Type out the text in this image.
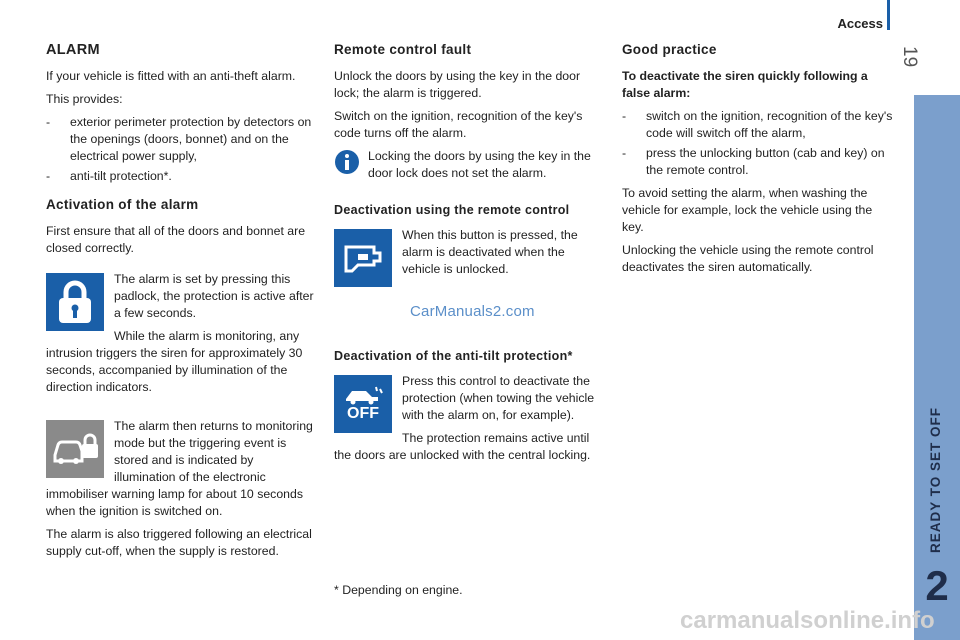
Access
19
READY TO SET OFF
2
ALARM

If your vehicle is fitted with an anti-theft alarm.

This provides:

- exterior perimeter protection by detectors on the openings (doors, bonnet) and on the electrical power supply,
- anti-tilt protection*.
Activation of the alarm

First ensure that all of the doors and bonnet are closed correctly.

The alarm is set by pressing this padlock, the protection is active after a few seconds.

While the alarm is monitoring, any intrusion triggers the siren for approximately 30 seconds, accompanied by illumination of the direction indicators.

The alarm then returns to monitoring mode but the triggering event is stored and is indicated by illumination of the electronic immobiliser warning lamp for about 10 seconds when the ignition is switched on.

The alarm is also triggered following an electrical supply cut-off, when the supply is restored.

Remote control fault

Unlock the doors by using the key in the door lock; the alarm is triggered.

Switch on the ignition, recognition of the key's code turns off the alarm.

Locking the doors by using the key in the door lock does not set the alarm.
Deactivation using the remote control

When this button is pressed, the alarm is deactivated when the vehicle is unlocked.

CarManuals2.com
Deactivation of the anti-tilt protection*
OFF

Press this control to deactivate the protection (when towing the vehicle with the alarm on, for example).

The protection remains active until the doors are unlocked with the central locking.

* Depending on engine.
Good practice

To deactivate the siren quickly following a false alarm:

- switch on the ignition, recognition of the key's code will switch off the alarm,
- press the unlocking button (cab and key) on the remote control.

To avoid setting the alarm, when washing the vehicle for example, lock the vehicle using the key.

Unlocking the vehicle using the remote control deactivates the siren automatically.

carmanualsonline.info
